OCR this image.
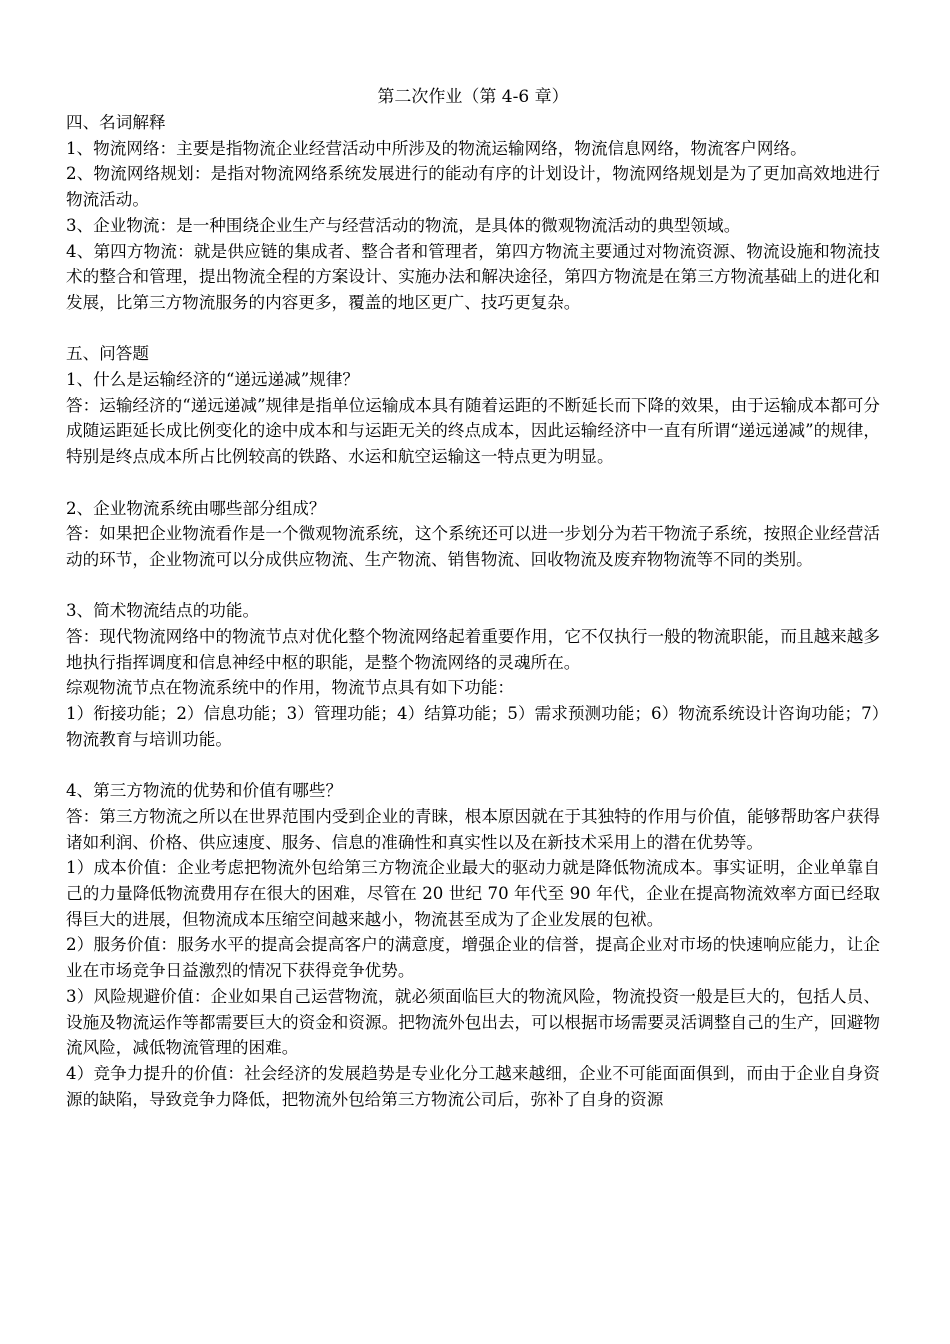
第二次作业（第 4-6 章）
四、名词解释
1、物流网络：主要是指物流企业经营活动中所涉及的物流运输网络，物流信息网络，物流客户网络。
2、物流网络规划：是指对物流网络系统发展进行的能动有序的计划设计，物流网络规划是为了更加高效地进行物流活动。
3、企业物流：是一种围绕企业生产与经营活动的物流，是具体的微观物流活动的典型领域。
4、第四方物流：就是供应链的集成者、整合者和管理者，第四方物流主要通过对物流资源、物流设施和物流技术的整合和管理，提出物流全程的方案设计、实施办法和解决途径，第四方物流是在第三方物流基础上的进化和发展，比第三方物流服务的内容更多，覆盖的地区更广、技巧更复杂。
五、问答题
1、什么是运输经济的“递远递减”规律？
答：运输经济的“递远递减”规律是指单位运输成本具有随着运距的不断延长而下降的效果，由于运输成本都可分成随运距延长成比例变化的途中成本和与运距无关的终点成本，因此运输经济中一直有所谓“递远递减”的规律，特别是终点成本所占比例较高的铁路、水运和航空运输这一特点更为明显。
2、企业物流系统由哪些部分组成？
答：如果把企业物流看作是一个微观物流系统，这个系统还可以进一步划分为若干物流子系统，按照企业经营活动的环节，企业物流可以分成供应物流、生产物流、销售物流、回收物流及废弃物物流等不同的类别。
3、简术物流结点的功能。
答：现代物流网络中的物流节点对优化整个物流网络起着重要作用，它不仅执行一般的物流职能，而且越来越多地执行指挥调度和信息神经中枢的职能，是整个物流网络的灵魂所在。
综观物流节点在物流系统中的作用，物流节点具有如下功能：
1）衔接功能；2）信息功能；3）管理功能；4）结算功能；5）需求预测功能；6）物流系统设计咨询功能；7）物流教育与培训功能。
4、第三方物流的优势和价值有哪些？
答：第三方物流之所以在世界范围内受到企业的青睐，根本原因就在于其独特的作用与价值，能够帮助客户获得诸如利润、价格、供应速度、服务、信息的准确性和真实性以及在新技术采用上的潜在优势等。
1）成本价值：企业考虑把物流外包给第三方物流企业最大的驱动力就是降低物流成本。事实证明，企业单靠自己的力量降低物流费用存在很大的困难，尽管在 20 世纪 70 年代至 90 年代，企业在提高物流效率方面已经取得巨大的进展，但物流成本压缩空间越来越小，物流甚至成为了企业发展的包袱。
2）服务价值：服务水平的提高会提高客户的满意度，增强企业的信誉，提高企业对市场的快速响应能力，让企业在市场竞争日益激烈的情况下获得竞争优势。
3）风险规避价值：企业如果自己运营物流，就必须面临巨大的物流风险，物流投资一般是巨大的，包括人员、设施及物流运作等都需要巨大的资金和资源。把物流外包出去，可以根据市场需要灵活调整自己的生产，回避物流风险，减低物流管理的困难。
4）竞争力提升的价值：社会经济的发展趋势是专业化分工越来越细，企业不可能面面俱到，而由于企业自身资源的缺陷，导致竞争力降低，把物流外包给第三方物流公司后，弥补了自身的资源
